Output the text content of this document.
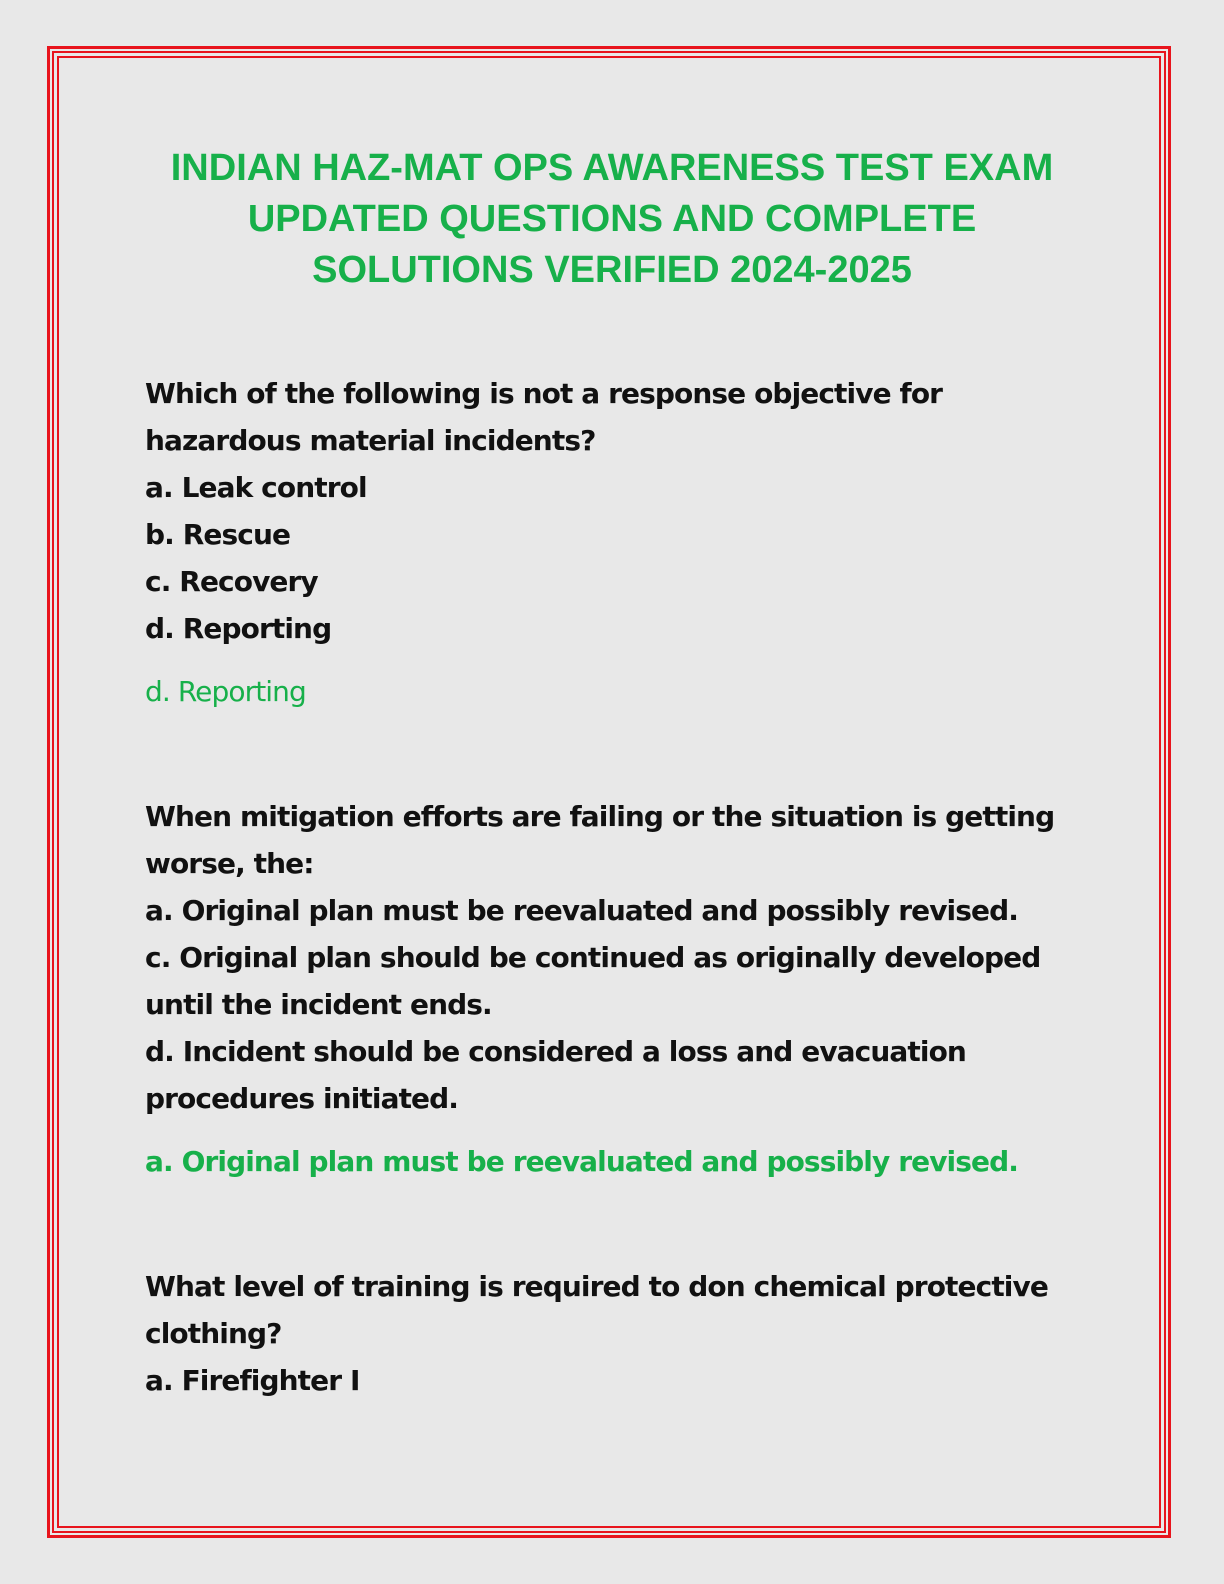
INDIAN HAZ-MAT OPS AWARENESS TEST EXAM
UPDATED QUESTIONS AND COMPLETE
SOLUTIONS VERIFIED 2024-2025
Which of the following is not a response objective for
hazardous material incidents?
a. Leak control
b. Rescue
c. Recovery
d. Reporting
d. Reporting
When mitigation efforts are failing or the situation is getting
worse, the:
a. Original plan must be reevaluated and possibly revised.
c. Original plan should be continued as originally developed
until the incident ends.
d. Incident should be considered a loss and evacuation
procedures initiated.
a. Original plan must be reevaluated and possibly revised.
What level of training is required to don chemical protective
clothing?
a. Firefighter I
